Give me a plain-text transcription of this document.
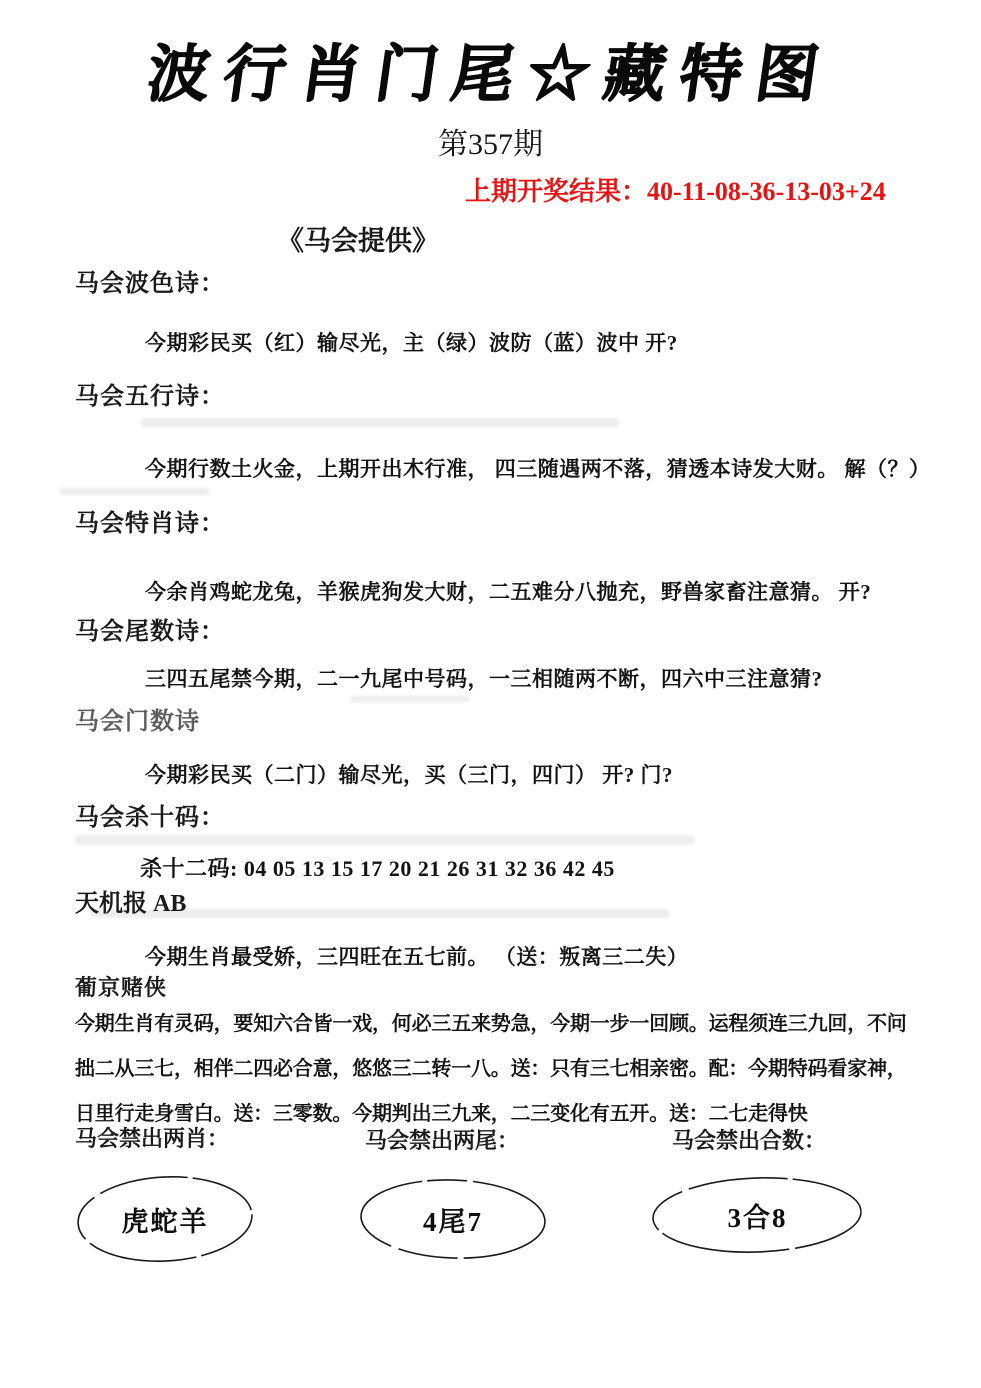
波行肖门尾☆藏特图
第357期
上期开奖结果：40-11-08-36-13-03+24
《马会提供》
马会波色诗：
今期彩民买（红）输尽光，主（绿）波防（蓝）波中 开?
马会五行诗：
今期行数土火金，上期开出木行准， 四三随遇两不落，猜透本诗发大财。 解（？）
马会特肖诗：
今余肖鸡蛇龙兔，羊猴虎狗发大财，二五难分八抛充，野兽家畜注意猜。 开?
马会尾数诗：
三四五尾禁今期，二一九尾中号码，一三相随两不断，四六中三注意猜?
马会门数诗
今期彩民买（二门）输尽光，买（三门，四门） 开? 门?
马会杀十码：
杀十二码: 04 05 13 15 17 20 21 26 31 32 36 42 45
天机报 AB
今期生肖最受娇，三四旺在五七前。 （送：叛离三二失）
葡京赌侠
今期生肖有灵码，要知六合皆一戏，何必三五来势急，今期一步一回顾。运程须连三九回，不问
拙二从三七，相伴二四必合意，悠悠三二转一八。送：只有三七相亲密。配：今期特码看家神，
日里行走身雪白。送：三零数。今期判出三九来，二三变化有五开。送：二七走得快
马会禁出两肖：	马会禁出两尾：	马会禁出合数：
虎蛇羊	4尾7	3合8
